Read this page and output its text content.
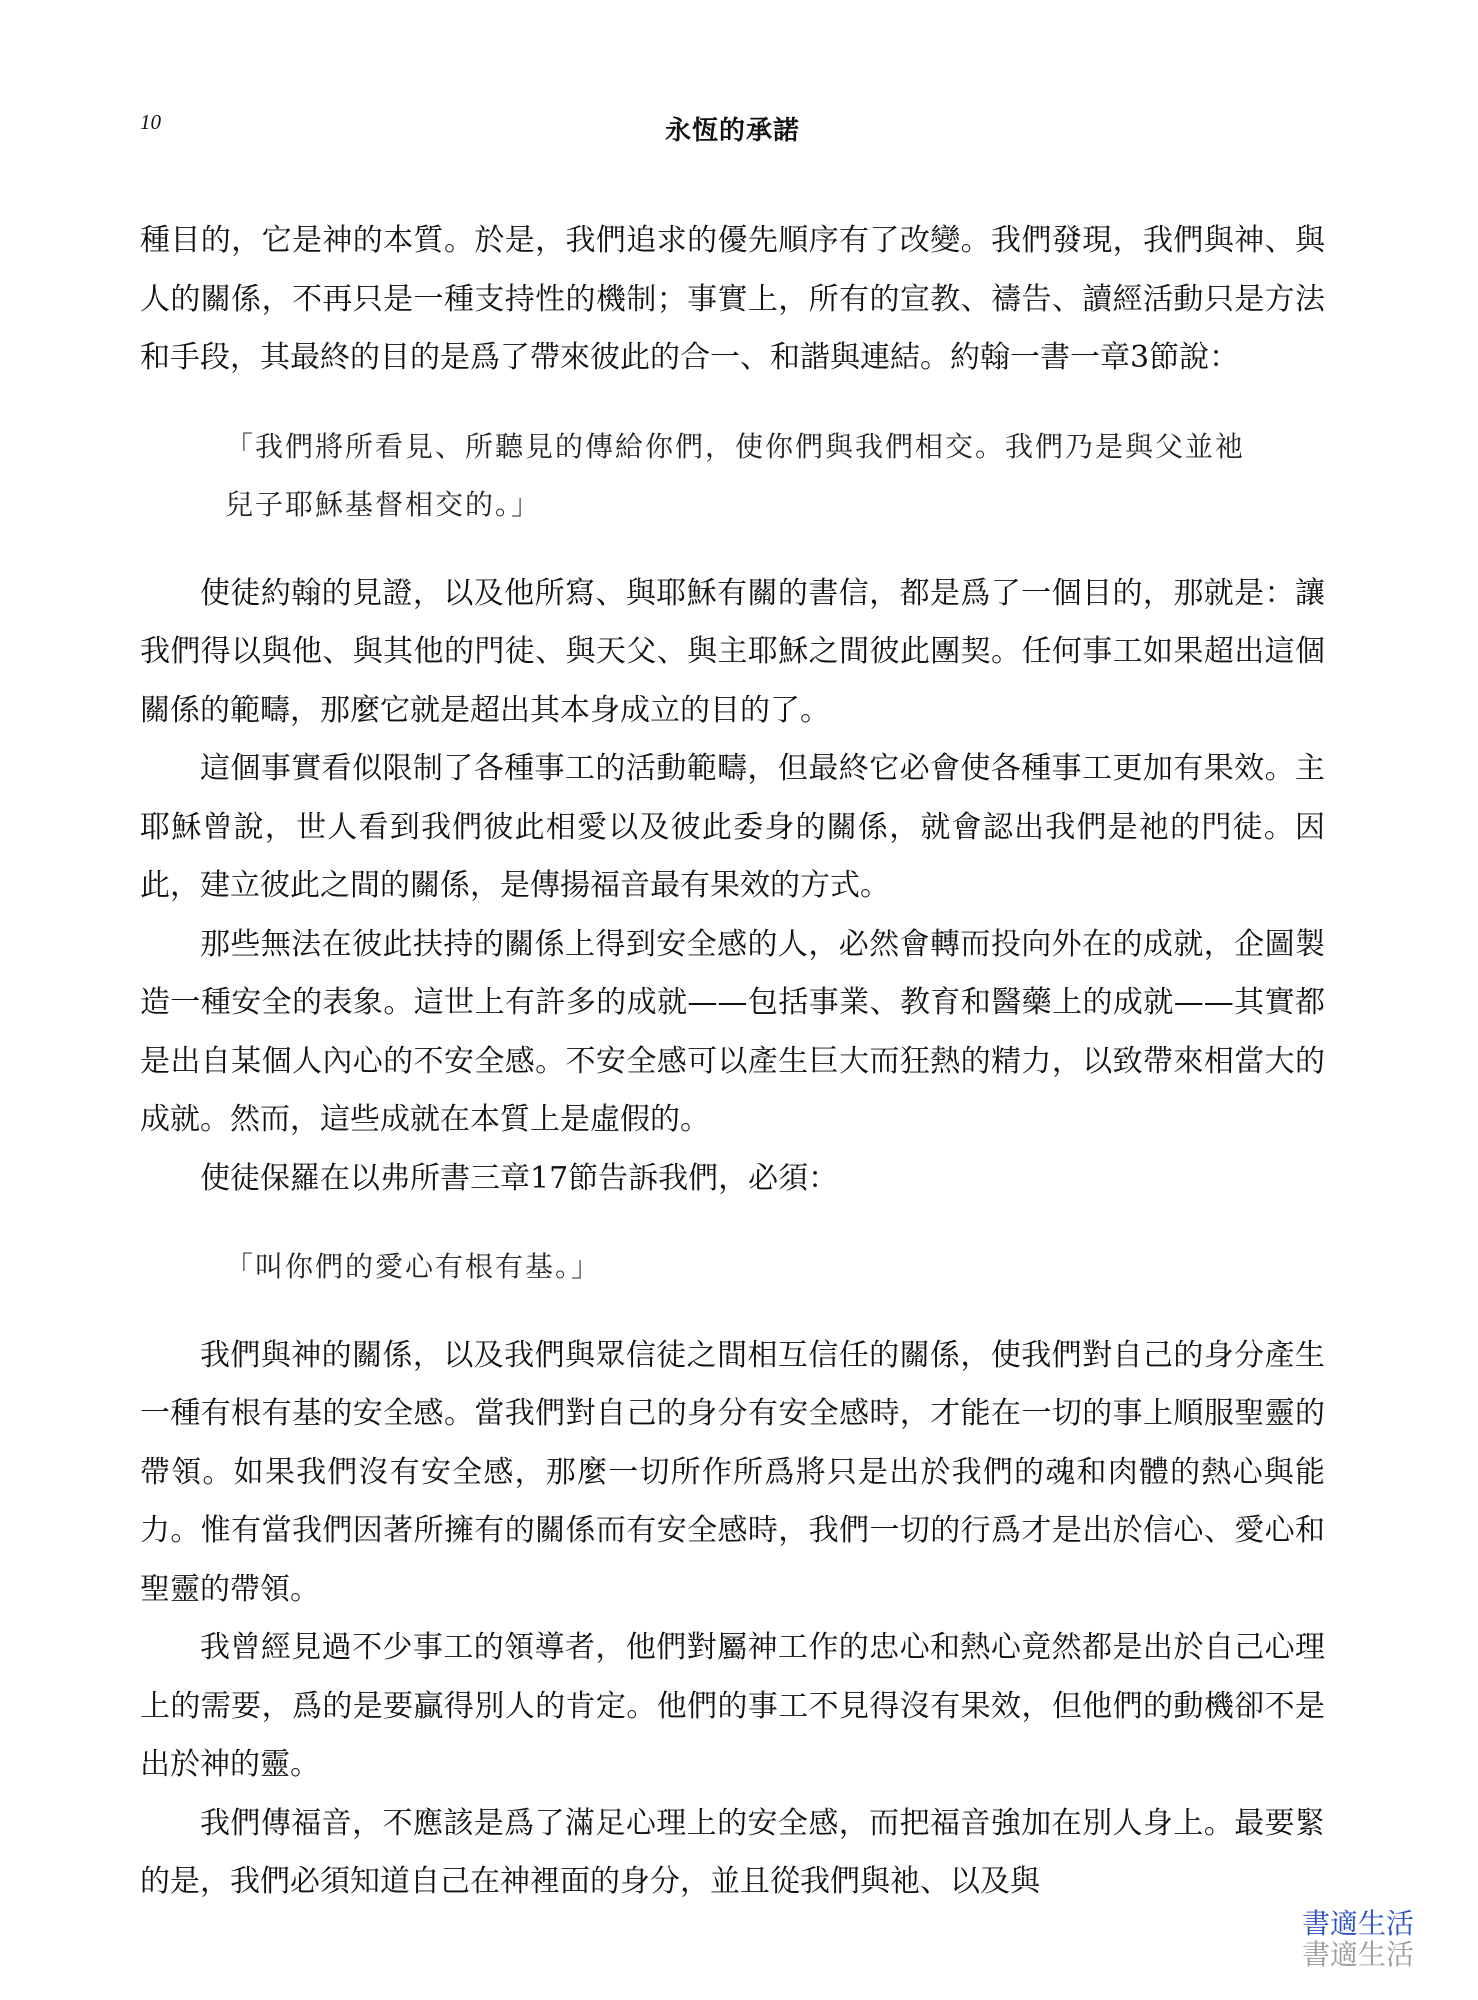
10	永恆的承諾

種目的，它是神的本質。於是，我們追求的優先順序有了改變。我們發現，我們與神、與人的關係，不再只是一種支持性的機制；事實上，所有的宣教、禱告、讀經活動只是方法和手段，其最終的目的是爲了帶來彼此的合一、和諧與連結。約翰一書一章3節說：

「我們將所看見、所聽見的傳給你們，使你們與我們相交。我們乃是與父並祂兒子耶穌基督相交的。」

使徒約翰的見證，以及他所寫、與耶穌有關的書信，都是爲了一個目的，那就是：讓我們得以與他、與其他的門徒、與天父、與主耶穌之間彼此團契。任何事工如果超出這個關係的範疇，那麼它就是超出其本身成立的目的了。

這個事實看似限制了各種事工的活動範疇，但最終它必會使各種事工更加有果效。主耶穌曾說，世人看到我們彼此相愛以及彼此委身的關係，就會認出我們是祂的門徒。因此，建立彼此之間的關係，是傳揚福音最有果效的方式。

那些無法在彼此扶持的關係上得到安全感的人，必然會轉而投向外在的成就，企圖製造一種安全的表象。這世上有許多的成就——包括事業、教育和醫藥上的成就——其實都是出自某個人內心的不安全感。不安全感可以產生巨大而狂熱的精力，以致帶來相當大的成就。然而，這些成就在本質上是虛假的。

使徒保羅在以弗所書三章17節告訴我們，必須：

「叫你們的愛心有根有基。」

我們與神的關係，以及我們與眾信徒之間相互信任的關係，使我們對自己的身分產生一種有根有基的安全感。當我們對自己的身分有安全感時，才能在一切的事上順服聖靈的帶領。如果我們沒有安全感，那麼一切所作所爲將只是出於我們的魂和肉體的熱心與能力。惟有當我們因著所擁有的關係而有安全感時，我們一切的行爲才是出於信心、愛心和聖靈的帶領。

我曾經見過不少事工的領導者，他們對屬神工作的忠心和熱心竟然都是出於自己心理上的需要，爲的是要贏得別人的肯定。他們的事工不見得沒有果效，但他們的動機卻不是出於神的靈。

我們傳福音，不應該是爲了滿足心理上的安全感，而把福音強加在別人身上。最要緊的是，我們必須知道自己在神裡面的身分，並且從我們與祂、以及與

書適生活
書適生活
